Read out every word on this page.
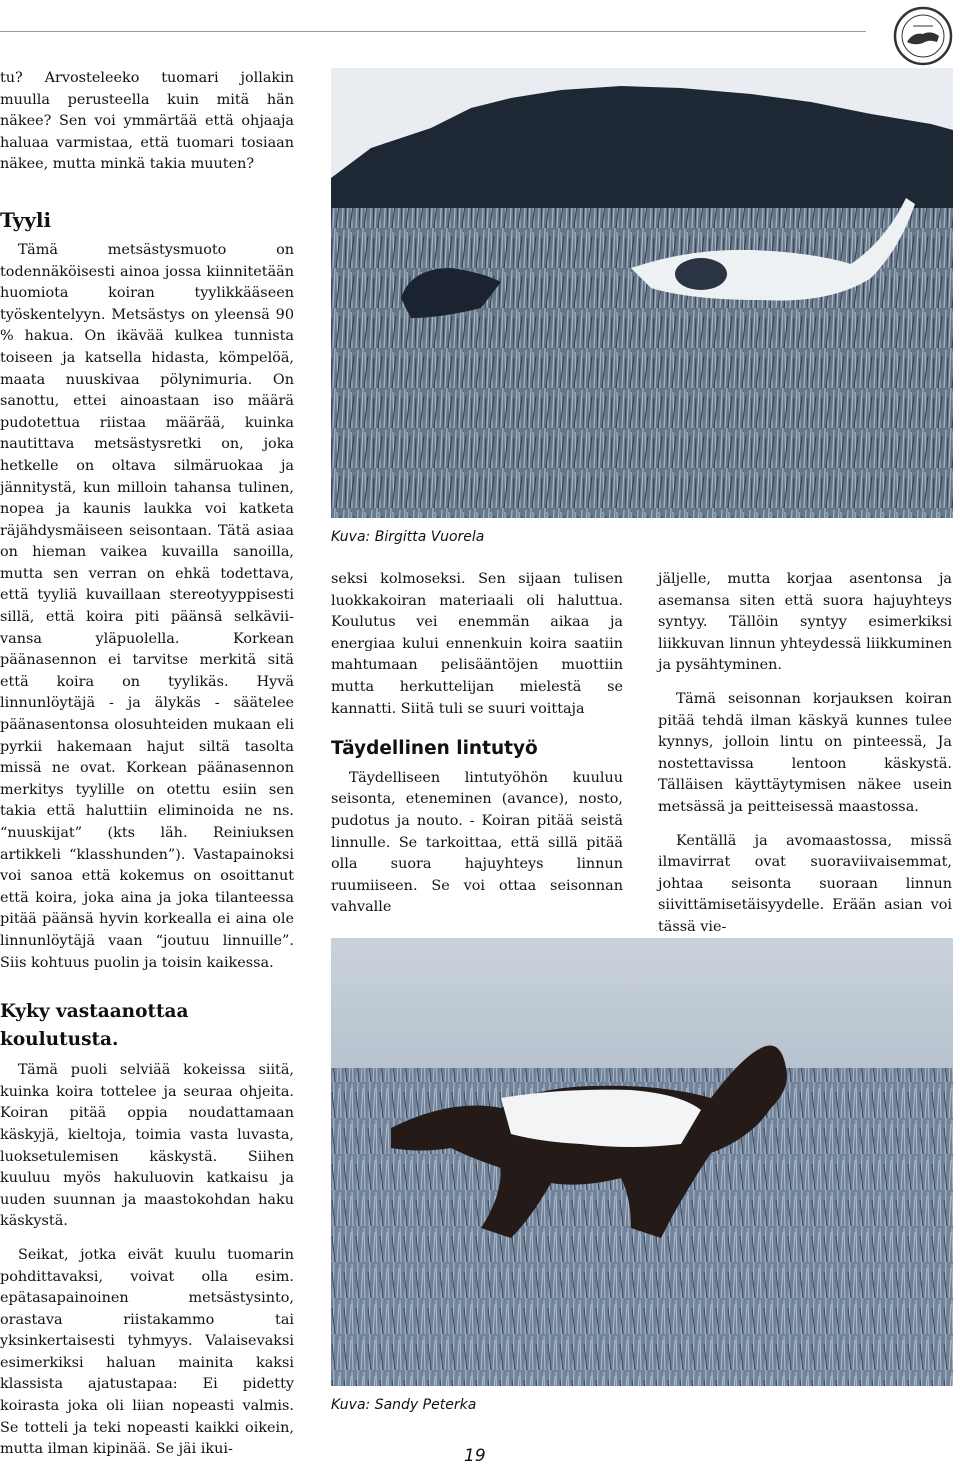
tu? Arvosteleeko tuomari jollakin muulla perusteella kuin mitä hän näkee? Sen voi ymmärtää että ohjaaja haluaa varmistaa, että tuomari tosiaan näkee, mutta minkä takia muuten?

Tyyli

Tämä metsästysmuoto on todennäköisesti ainoa jossa kiinnitetään huomiota koiran tyylikkääseen työskentelyyn. Metsästys on yleensä 90 % hakua. On ikävää kulkea tunnista toiseen ja katsella hidasta, kömpelöä, maata nuuskivaa pölynimuria. On sanottu, ettei ainoastaan iso määrä pudotettua riistaa määrää, kuinka nautittava metsästysretki on, joka hetkelle on oltava silmäruokaa ja jännitystä, kun milloin tahansa tulinen, nopea ja kaunis laukka voi katketa räjähdysmäiseen seisontaan. Tätä asiaa on hieman vaikea kuvailla sanoilla, mutta sen verran on ehkä todettava, että tyyliä kuvaillaan stereotyyppisesti sillä, että koira piti päänsä selkäviivansa yläpuolella. Korkean päänasennon ei tarvitse merkitä sitä että koira on tyylikäs. Hyvä linnunlöytäjä - ja älykäs - säätelee päänasentonsa olosuhteiden mukaan eli pyrkii hakemaan hajut siltä tasolta missä ne ovat. Korkean päänasennon merkitys tyylille on otettu esiin sen takia että haluttiin eliminoida ne ns. “nuuskijat” (kts läh. Reiniuksen artikkeli “klasshunden”). Vastapainoksi voi sanoa että kokemus on osoittanut että koira, joka aina ja joka tilanteessa pitää päänsä hyvin korkealla ei aina ole linnunlöytäjä vaan “joutuu linnuille”. Siis kohtuus puolin ja toisin kaikessa.

Kyky vastaanottaa koulutusta.

Tämä puoli selviää kokeissa siitä, kuinka koira tottelee ja seuraa ohjeita. Koiran pitää oppia noudattamaan käskyjä, kieltoja, toimia vasta luvasta, luoksetulemisen käskystä. Siihen kuuluu myös hakuluovin katkaisu ja uuden suunnan ja maastokohdan haku käskystä.

Seikat, jotka eivät kuulu tuomarin pohdittavaksi, voivat olla esim. epätasapainoinen metsästysinto, orastava riistakammo tai yksinkertaisesti tyhmyys. Valaisevaksi esimerkiksi haluan mainita kaksi klassista ajatustapaa: Ei pidetty koirasta joka oli liian nopeasti valmis. Se totteli ja teki nopeasti kaikki oikein, mutta ilman kipinää. Se jäi ikui-

Kuva: Birgitta Vuorela

seksi kolmoseksi. Sen sijaan tulisen luokkakoiran materiaali oli haluttua. Koulutus vei enemmän aikaa ja energiaa kului ennenkuin koira saatiin mahtumaan pelisääntöjen muottiin mutta herkuttelijan mielestä se kannatti. Siitä tuli se suuri voittaja

Täydellinen lintutyö

Täydelliseen lintutyöhön kuuluu seisonta, eteneminen (avance), nosto, pudotus ja nouto. - Koiran pitää seistä linnulle. Se tarkoittaa, että sillä pitää olla suora hajuyhteys linnun ruumiiseen. Se voi ottaa seisonnan vahvalle

jäljelle, mutta korjaa asentonsa ja asemansa siten että suora hajuyhteys syntyy. Tällöin syntyy esimerkiksi liikkuvan linnun yhteydessä liikkuminen ja pysähtyminen.

Tämä seisonnan korjauksen koiran pitää tehdä ilman käskyä kunnes tulee kynnys, jolloin lintu on pinteessä, Ja nostettavissa lentoon käskystä. Tälläisen käyttäytymisen näkee usein metsässä ja peitteisessä maastossa.

Kentällä ja avomaastossa, missä ilmavirrat ovat suoraviivaisemmat, johtaa seisonta suoraan linnun siivittämisetäisyydelle. Erään asian voi tässä vie-

Kuva: Sandy Peterka
19
